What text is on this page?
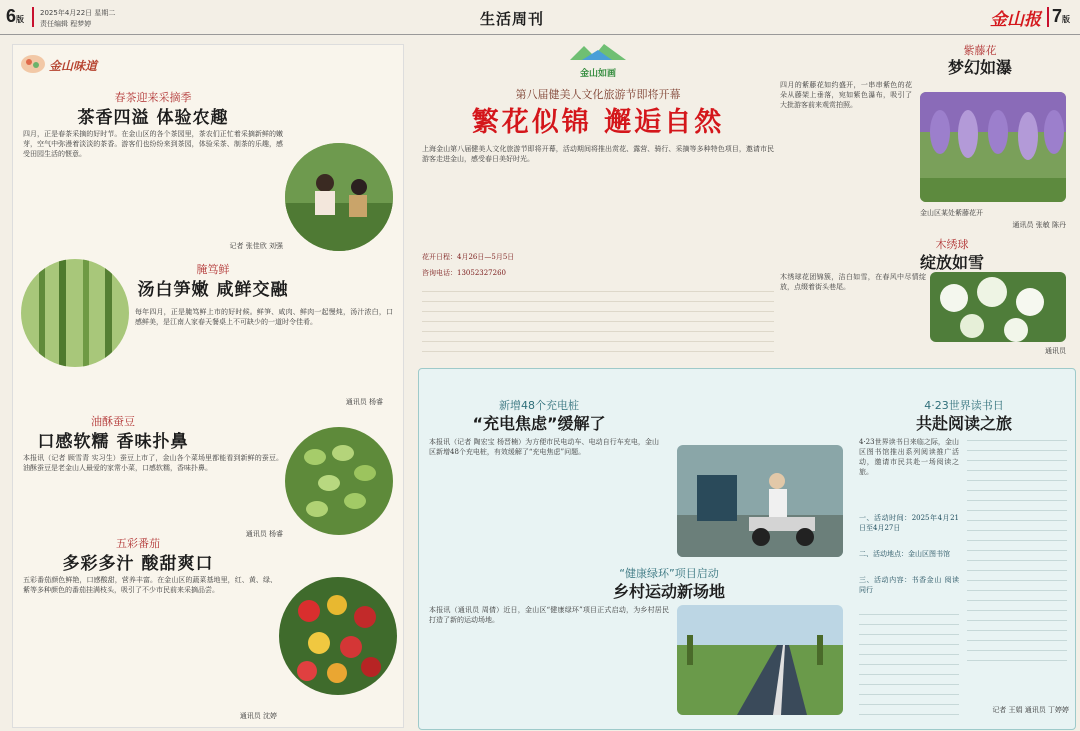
6版
2025年4月22日 星期二
责任编辑 程梦婷	生活周刊	金山报 7版
金山味道
春茶迎来采摘季
茶香四溢 体验农趣
四月，正是春茶采摘的好时节。在金山区的各个茶园里，茶农们正忙着采摘新鲜的嫩芽，空气中弥漫着淡淡的茶香。游客们也纷纷来到茶园，体验采茶、制茶的乐趣，感受田园生活的惬意。
记者 张佳欣 刘强
腌笃鲜
汤白笋嫩 咸鲜交融
每年四月，正是腌笃鲜上市的好时候。鲜笋、咸肉、鲜肉一起慢炖，汤汁浓白，口感鲜美，是江南人家春天餐桌上不可缺少的一道时令佳肴。
通讯员 杨睿
油酥蚕豆
口感软糯 香味扑鼻
本报讯（记者 顾雪青 实习生）蚕豆上市了，金山各个菜场里都能看到新鲜的蚕豆。油酥蚕豆是老金山人最爱的家常小菜，口感软糯，香味扑鼻。
通讯员 杨睿
五彩番茄
多彩多汁 酸甜爽口
五彩番茄颜色鲜艳，口感酸甜，营养丰富。在金山区的蔬菜基地里，红、黄、绿、紫等多种颜色的番茄挂满枝头，吸引了不少市民前来采摘品尝。
通讯员 沈婷
金山如画
第八届健美人文化旅游节即将开幕
繁花似锦 邂逅自然
上海金山第八届健美人文化旅游节即将开幕，活动期间将推出赏花、露营、骑行、采摘等多种特色项目，邀请市民游客走进金山，感受春日美好时光。
花开日程：4月26日—5月5日
咨询电话：13052327260
紫藤花
梦幻如瀑
四月的紫藤花如约盛开，一串串紫色的花朵从藤架上垂落，宛如紫色瀑布，吸引了大批游客前来观赏拍照。
金山区某处紫藤花开
通讯员 张敏 陈丹
木绣球
绽放如雪
木绣球花团锦簇，洁白如雪，在春风中尽情绽放，点缀着街头巷尾。
通讯员
新增48个充电桩
“充电焦虑”缓解了
本报讯（记者 陶宏宝 杨晋楠）为方便市民电动车、电动自行车充电，金山区新增48个充电桩，有效缓解了“充电焦虑”问题。
“健康绿环”项目启动
乡村运动新场地
本报讯（通讯员 周倩）近日，金山区“健康绿环”项目正式启动，为乡村居民打造了新的运动场地。
4·23世界读书日
共赴阅读之旅
4·23世界读书日来临之际，金山区图书馆推出系列阅读推广活动，邀请市民共赴一场阅读之旅。
一、活动时间：2025年4月21日至4月27日
二、活动地点：金山区图书馆
三、活动内容：书香金山 阅读同行
记者 王娟 通讯员 丁婷婷
